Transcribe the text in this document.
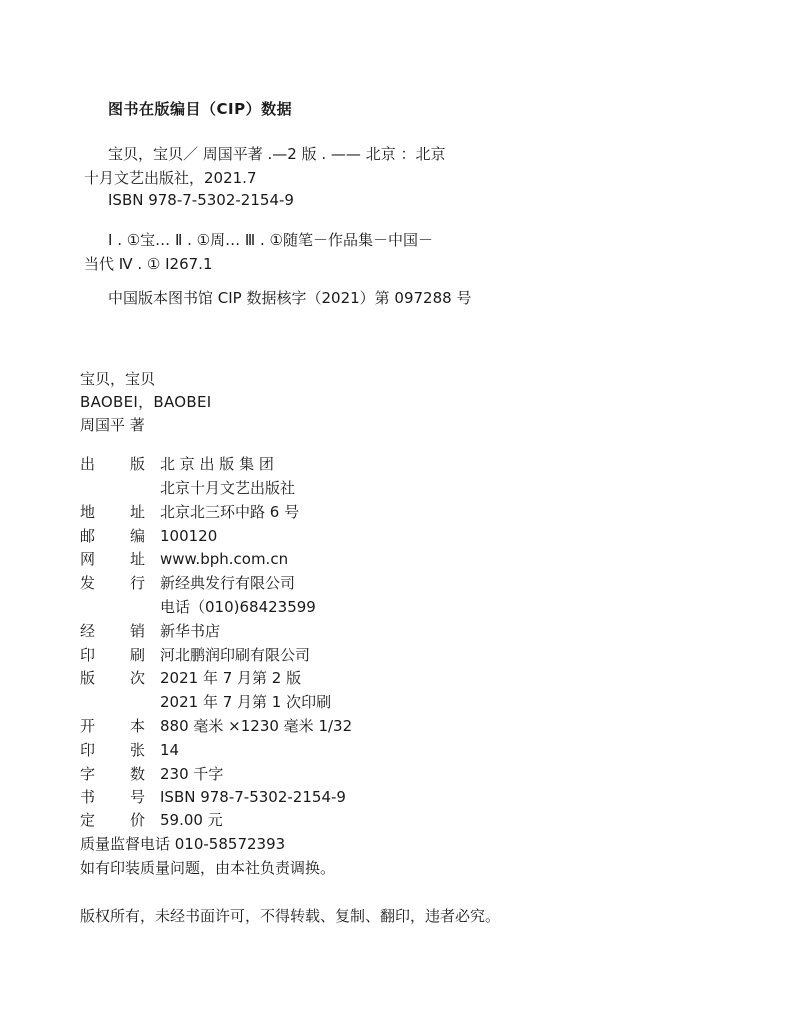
图书在版编目（CIP）数据
宝贝，宝贝／ 周国平著 .—2 版 . —— 北京 ：北京
十月文艺出版社，2021.7
ISBN 978-7-5302-2154-9
Ⅰ . ①宝… Ⅱ . ①周… Ⅲ . ①随笔－作品集－中国－
当代 Ⅳ . ① I267.1
中国版本图书馆 CIP 数据核字（2021）第 097288 号
宝贝，宝贝
BAOBEI，BAOBEI
周国平 著
出 版 北 京 出 版 集 团
北京十月文艺出版社
地 址 北京北三环中路 6 号
邮 编 100120
网 址 www.bph.com.cn
发 行 新经典发行有限公司
电话（010)68423599
经 销 新华书店
印 刷 河北鹏润印刷有限公司
版 次 2021 年 7 月第 2 版
2021 年 7 月第 1 次印刷
开 本 880 毫米 ×1230 毫米 1/32
印 张 14
字 数 230 千字
书 号 ISBN 978-7-5302-2154-9
定 价 59.00 元
质量监督电话 010-58572393
如有印装质量问题，由本社负责调换。
版权所有，未经书面许可，不得转载、复制、翻印，违者必究。
